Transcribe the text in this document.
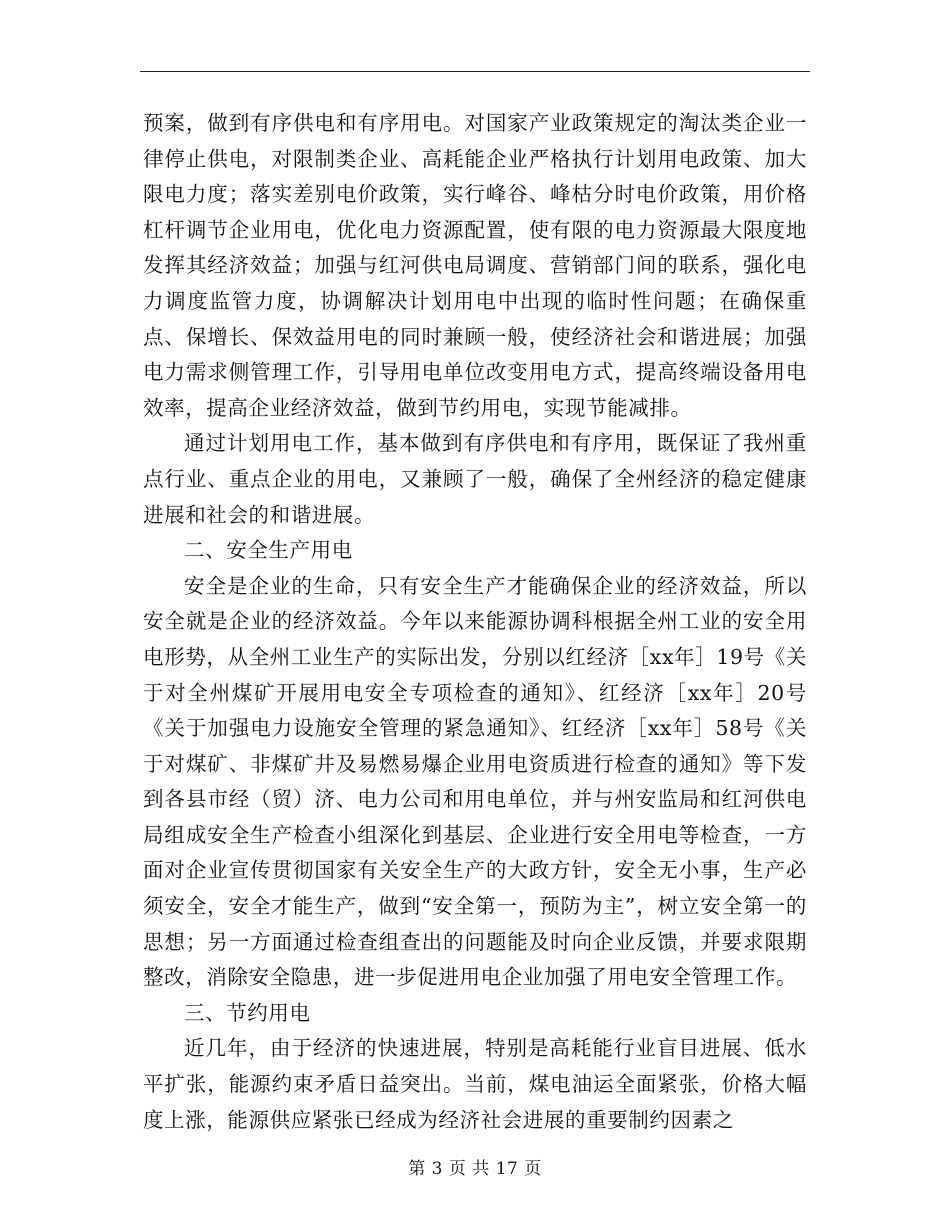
预案，做到有序供电和有序用电。对国家产业政策规定的淘汰类企业一律停止供电，对限制类企业、高耗能企业严格执行计划用电政策、加大限电力度；落实差别电价政策，实行峰谷、峰枯分时电价政策，用价格杠杆调节企业用电，优化电力资源配置，使有限的电力资源最大限度地发挥其经济效益；加强与红河供电局调度、营销部门间的联系，强化电力调度监管力度，协调解决计划用电中出现的临时性问题；在确保重点、保增长、保效益用电的同时兼顾一般，使经济社会和谐进展；加强电力需求侧管理工作，引导用电单位改变用电方式，提高终端设备用电效率，提高企业经济效益，做到节约用电，实现节能减排。

通过计划用电工作，基本做到有序供电和有序用，既保证了我州重点行业、重点企业的用电，又兼顾了一般，确保了全州经济的稳定健康进展和社会的和谐进展。

二、安全生产用电

安全是企业的生命，只有安全生产才能确保企业的经济效益，所以安全就是企业的经济效益。今年以来能源协调科根据全州工业的安全用电形势，从全州工业生产的实际出发，分别以红经济［xx年］19号《关于对全州煤矿开展用电安全专项检查的通知》、红经济［xx年］20号《关于加强电力设施安全管理的紧急通知》、红经济［xx年］58号《关于对煤矿、非煤矿井及易燃易爆企业用电资质进行检查的通知》等下发到各县市经（贸）济、电力公司和用电单位，并与州安监局和红河供电局组成安全生产检查小组深化到基层、企业进行安全用电等检查，一方面对企业宣传贯彻国家有关安全生产的大政方针，安全无小事，生产必须安全，安全才能生产，做到“安全第一，预防为主”，树立安全第一的思想；另一方面通过检查组查出的问题能及时向企业反馈，并要求限期整改，消除安全隐患，进一步促进用电企业加强了用电安全管理工作。

三、节约用电

近几年，由于经济的快速进展，特别是高耗能行业盲目进展、低水平扩张，能源约束矛盾日益突出。当前，煤电油运全面紧张，价格大幅度上涨，能源供应紧张已经成为经济社会进展的重要制约因素之

第 3 页 共 17 页
